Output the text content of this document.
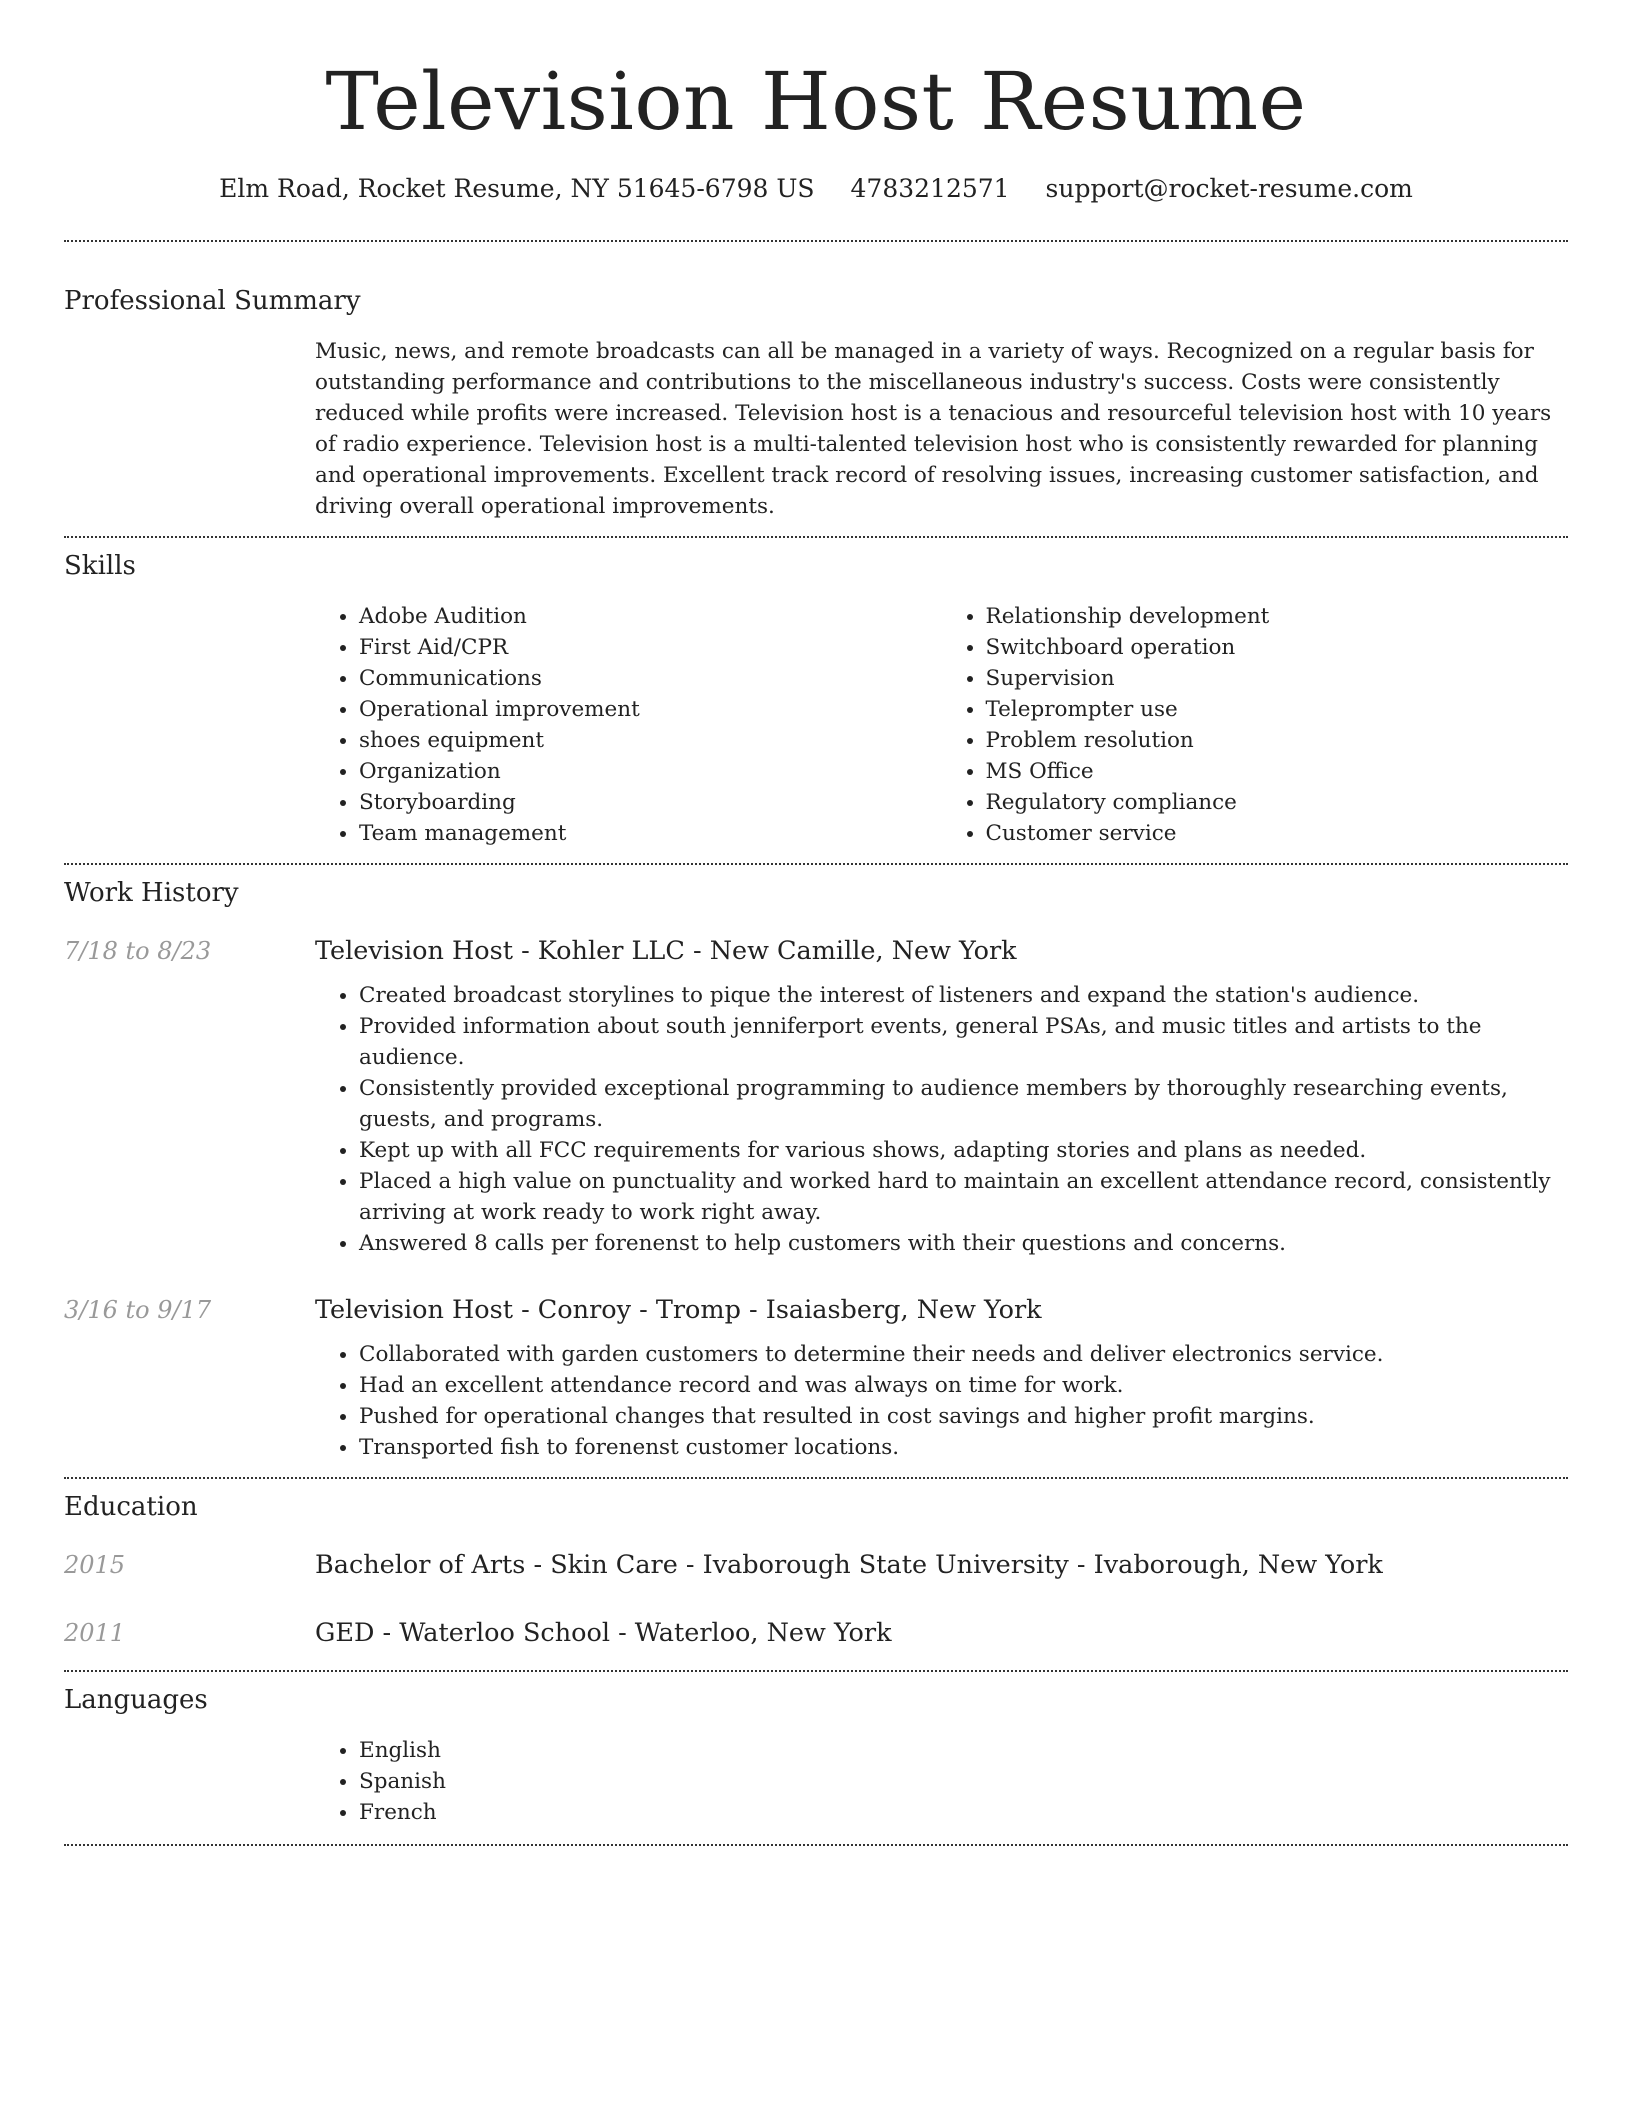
Television Host Resume
Elm Road, Rocket Resume, NY 51645-6798 US 4783212571 support@rocket-resume.com
Professional Summary

Music, news, and remote broadcasts can all be managed in a variety of ways. Recognized on a regular basis for outstanding performance and contributions to the miscellaneous industry's success. Costs were consistently reduced while profits were increased. Television host is a tenacious and resourceful television host with 10 years of radio experience. Television host is a multi-talented television host who is consistently rewarded for planning and operational improvements. Excellent track record of resolving issues, increasing customer satisfaction, and driving overall operational improvements.

Skills
• Adobe Audition
• First Aid/CPR
• Communications
• Operational improvement
• shoes equipment
• Organization
• Storyboarding
• Team management
• Relationship development
• Switchboard operation
• Supervision
• Teleprompter use
• Problem resolution
• MS Office
• Regulatory compliance
• Customer service
Work History
7/18 to 8/23	Television Host - Kohler LLC - New Camille, New York

• Created broadcast storylines to pique the interest of listeners and expand the station's audience.
• Provided information about south jenniferport events, general PSAs, and music titles and artists to the audience.
• Consistently provided exceptional programming to audience members by thoroughly researching events, guests, and programs.
• Kept up with all FCC requirements for various shows, adapting stories and plans as needed.
• Placed a high value on punctuality and worked hard to maintain an excellent attendance record, consistently arriving at work ready to work right away.
• Answered 8 calls per forenenst to help customers with their questions and concerns.
3/16 to 9/17	Television Host - Conroy - Tromp - Isaiasberg, New York

• Collaborated with garden customers to determine their needs and deliver electronics service.
• Had an excellent attendance record and was always on time for work.
• Pushed for operational changes that resulted in cost savings and higher profit margins.
• Transported fish to forenenst customer locations.
Education
2015	Bachelor of Arts - Skin Care - Ivaborough State University - Ivaborough, New York

2011	GED - Waterloo School - Waterloo, New York

Languages
• English
• Spanish
• French
